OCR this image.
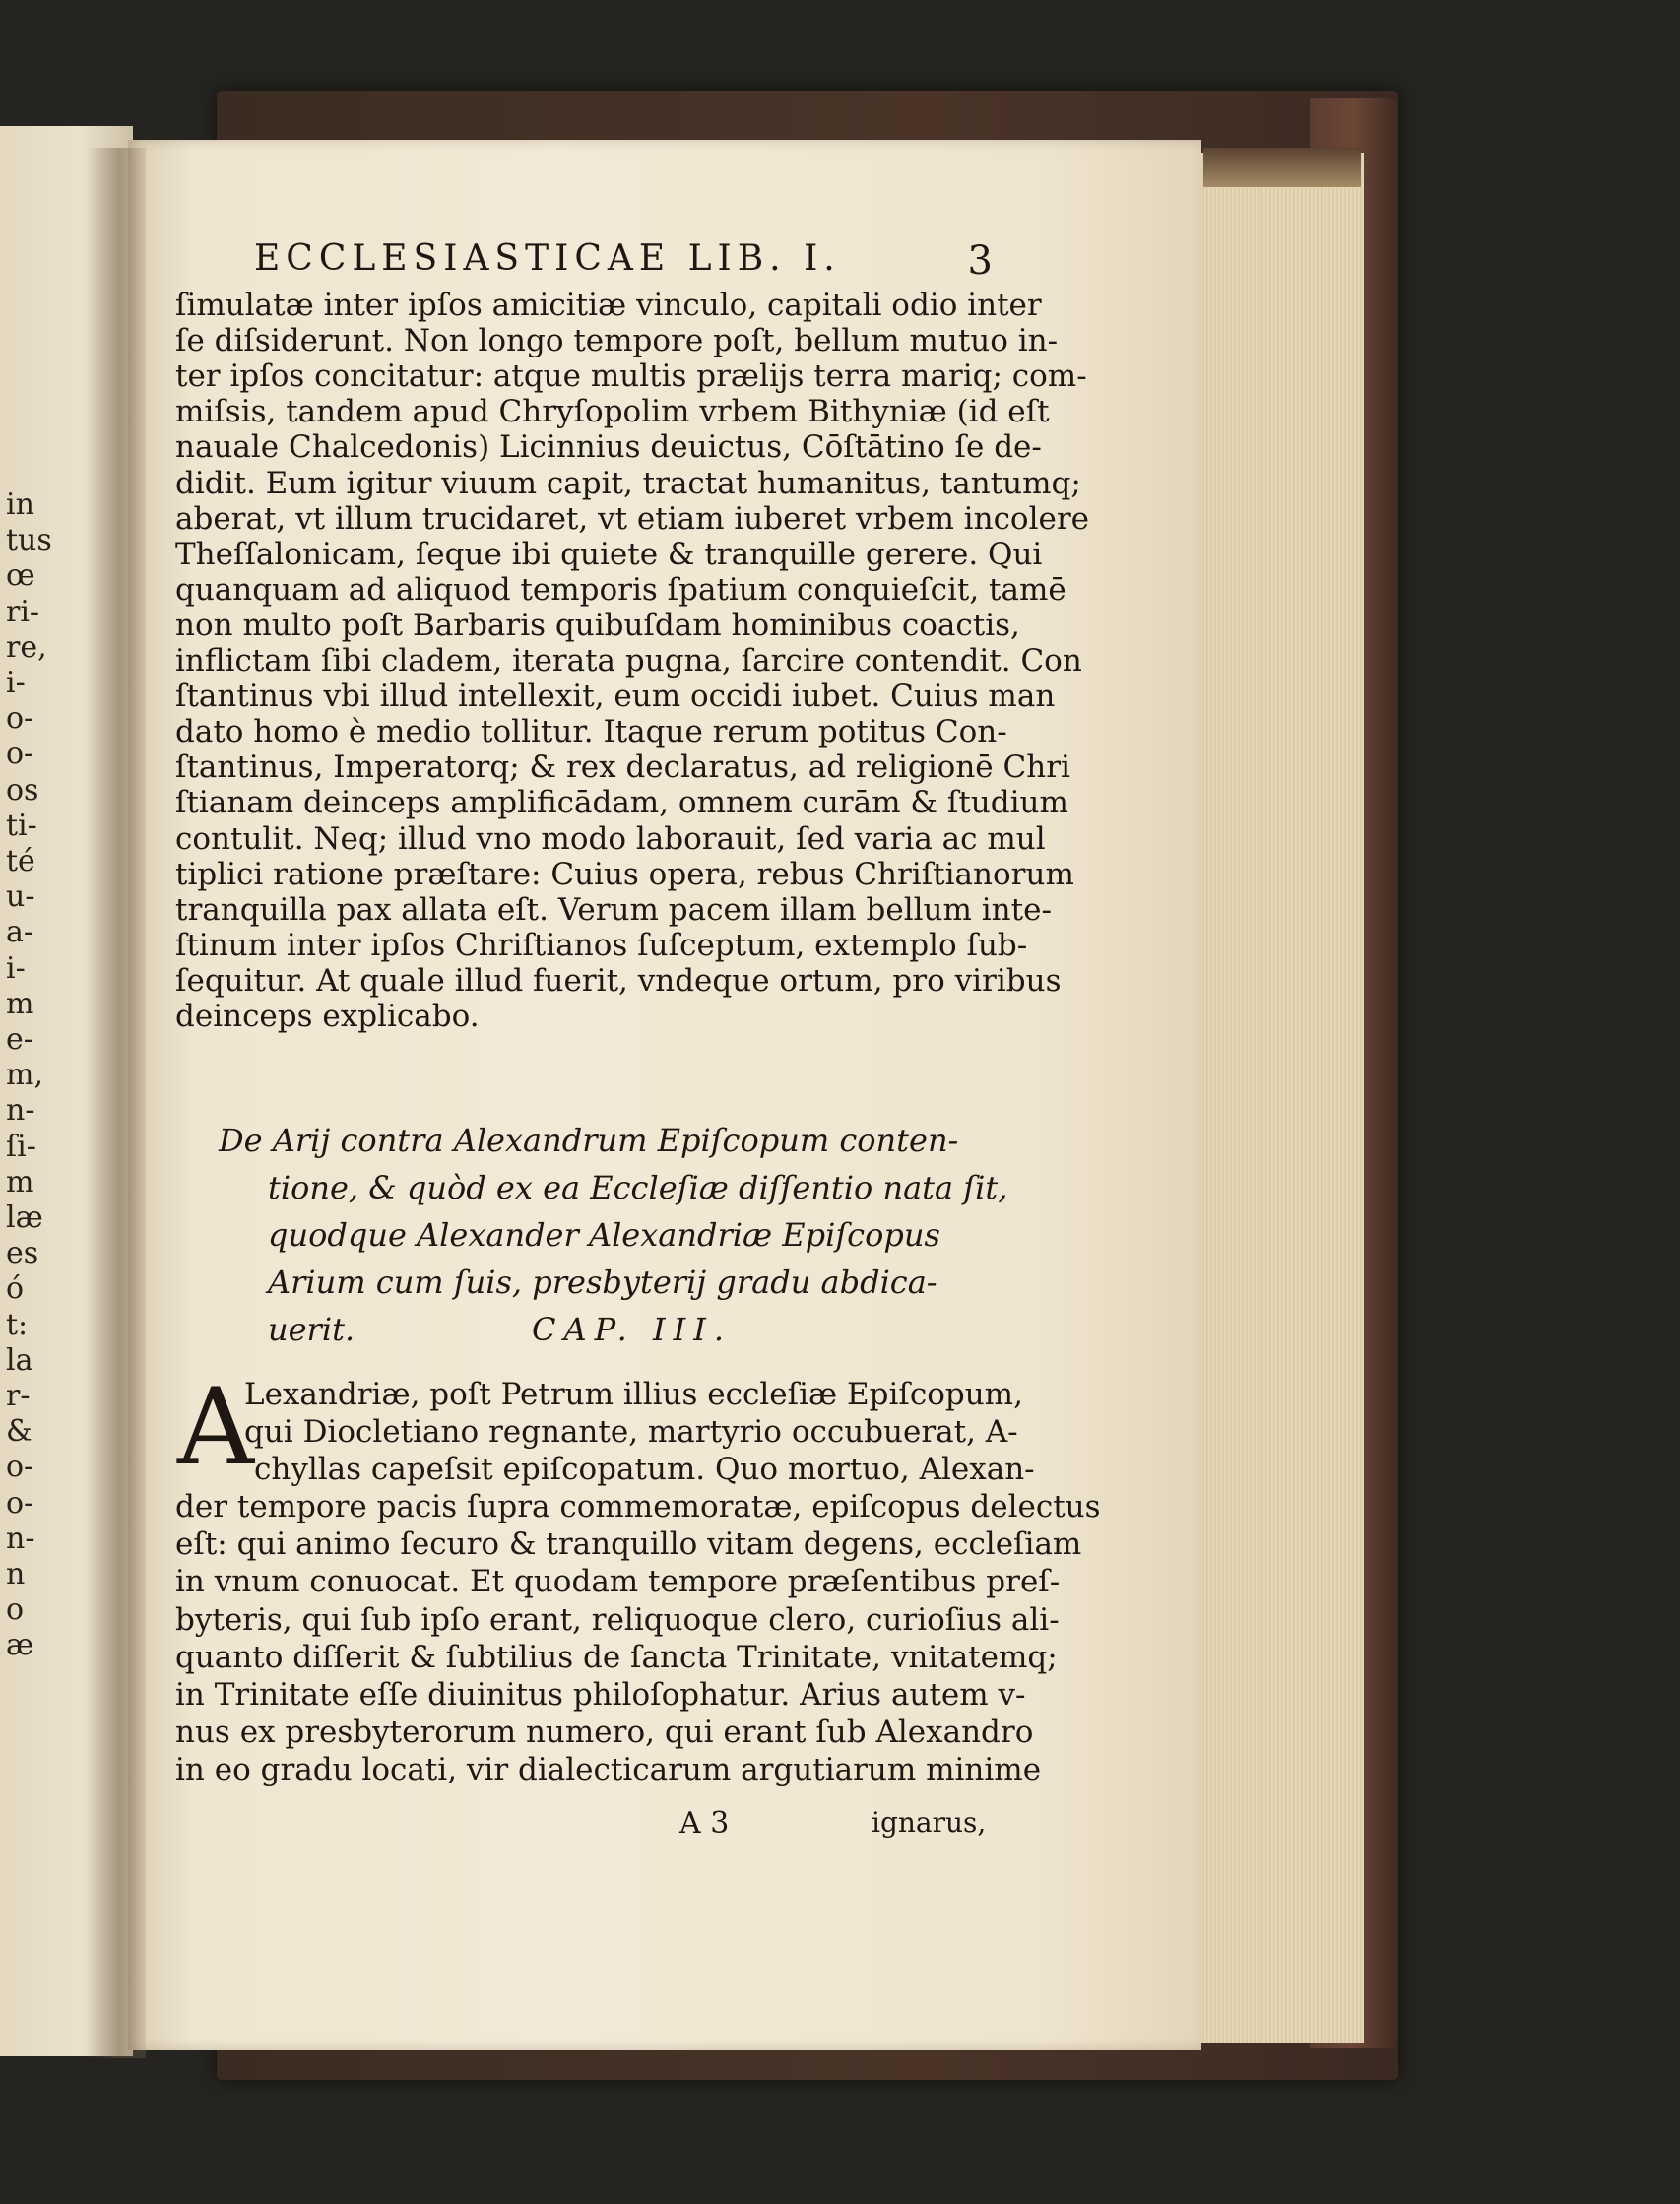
in
tus
œ
ri-
re,
i-
o-
o-
os
ti-
té
u-
a-
i-
m
e-
m,
n-
ſi-
m
læ
es
ó
t:
la
r-
&
o-
o-
n-
n
o
æ
ECCLESIASTICAE LIB. I.	3
ſimulatæ inter ipſos amicitiæ vinculo, capitali odio inter
ſe diſsiderunt. Non longo tempore poſt, bellum mutuo in-
ter ipſos concitatur: atque multis prælijs terra mariq; com-
miſsis, tandem apud Chryſopolim vrbem Bithyniæ (id eſt
nauale Chalcedonis) Licinnius deuictus, Cōſtātino ſe de-
didit. Eum igitur viuum capit, tractat humanitus, tantumq;
aberat, vt illum trucidaret, vt etiam iuberet vrbem incolere
Theſſalonicam, ſeque ibi quiete & tranquille gerere. Qui
quanquam ad aliquod temporis ſpatium conquieſcit, tamē
non multo poſt Barbaris quibuſdam hominibus coactis,
inflictam ſibi cladem, iterata pugna, ſarcire contendit. Con
ſtantinus vbi illud intellexit, eum occidi iubet. Cuius man
dato homo è medio tollitur. Itaque rerum potitus Con-
ſtantinus, Imperatorq; & rex declaratus, ad religionē Chri
ſtianam deinceps amplificādam, omnem curām & ſtudium
contulit. Neq; illud vno modo laborauit, ſed varia ac mul
tiplici ratione præſtare: Cuius opera, rebus Chriſtianorum
tranquilla pax allata eſt. Verum pacem illam bellum inte-
ſtinum inter ipſos Chriſtianos ſuſceptum, extemplo ſub-
ſequitur. At quale illud fuerit, vndeque ortum, pro viribus
deinceps explicabo.
A
De Arij contra Alexandrum Epiſcopum conten-
tione, & quòd ex ea Eccleſiæ diſſentio nata ſit,
quodque Alexander Alexandriæ Epiſcopus
Arium cum ſuis, presbyterij gradu abdica-
uerit.	CAP. III.
Lexandriæ, poſt Petrum illius eccleſiæ Epiſcopum,
qui Diocletiano regnante, martyrio occubuerat, A-
chyllas capeſsit epiſcopatum. Quo mortuo, Alexan-
der tempore pacis ſupra commemoratæ, epiſcopus delectus
eſt: qui animo ſecuro & tranquillo vitam degens, eccleſiam
in vnum conuocat. Et quodam tempore præſentibus preſ-
byteris, qui ſub ipſo erant, reliquoque clero, curioſius ali-
quanto diſſerit & ſubtilius de ſancta Trinitate, vnitatemq;
in Trinitate eſſe diuinitus philoſophatur. Arius autem v-
nus ex presbyterorum numero, qui erant ſub Alexandro
in eo gradu locati, vir dialecticarum argutiarum minime
A 3	ignarus,
